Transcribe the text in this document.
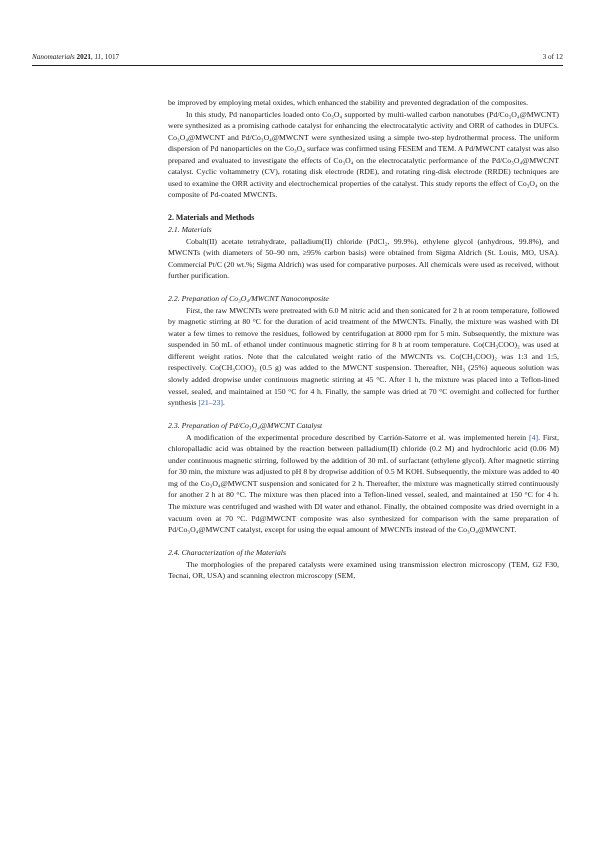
Nanomaterials 2021, 11, 1017	3 of 12

be improved by employing metal oxides, which enhanced the stability and prevented degradation of the composites.

In this study, Pd nanoparticles loaded onto Co₃O₄ supported by multi-walled carbon nanotubes (Pd/Co₃O₄@MWCNT) were synthesized as a promising cathode catalyst for enhancing the electrocatalytic activity and ORR of cathodes in DUFCs. Co₃O₄@MWCNT and Pd/Co₃O₄@MWCNT were synthesized using a simple two-step hydrothermal process. The uniform dispersion of Pd nanoparticles on the Co₃O₄ surface was confirmed using FESEM and TEM. A Pd/MWCNT catalyst was also prepared and evaluated to investigate the effects of Co₃O₄ on the electrocatalytic performance of the Pd/Co₃O₄@MWCNT catalyst. Cyclic voltammetry (CV), rotating disk electrode (RDE), and rotating ring-disk electrode (RRDE) techniques are used to examine the ORR activity and electrochemical properties of the catalyst. This study reports the effect of Co₃O₄ on the composite of Pd-coated MWCNTs.

2. Materials and Methods
2.1. Materials

Cobalt(II) acetate tetrahydrate, palladium(II) chloride (PdCl₂, 99.9%), ethylene glycol (anhydrous, 99.8%), and MWCNTs (with diameters of 50–90 nm, ≥95% carbon basis) were obtained from Sigma Aldrich (St. Louis, MO, USA). Commercial Pt/C (20 wt.%; Sigma Aldrich) was used for comparative purposes. All chemicals were used as received, without further purification.

2.2. Preparation of Co₃O₄/MWCNT Nanocomposite

First, the raw MWCNTs were pretreated with 6.0 M nitric acid and then sonicated for 2 h at room temperature, followed by magnetic stirring at 80 °C for the duration of acid treatment of the MWCNTs. Finally, the mixture was washed with DI water a few times to remove the residues, followed by centrifugation at 8000 rpm for 5 min. Subsequently, the mixture was suspended in 50 mL of ethanol under continuous magnetic stirring for 8 h at room temperature. Co(CH₃COO)₂ was used at different weight ratios. Note that the calculated weight ratio of the MWCNTs vs. Co(CH₃COO)₂ was 1:3 and 1:5, respectively. Co(CH₃COO)₂ (0.5 g) was added to the MWCNT suspension. Thereafter, NH₃ (25%) aqueous solution was slowly added dropwise under continuous magnetic stirring at 45 °C. After 1 h, the mixture was placed into a Teflon-lined vessel, sealed, and maintained at 150 °C for 4 h. Finally, the sample was dried at 70 °C overnight and collected for further synthesis [21–23].

2.3. Preparation of Pd/Co₃O₄@MWCNT Catalyst

A modification of the experimental procedure described by Carrión-Satorre et al. was implemented herein [4]. First, chloropalladic acid was obtained by the reaction between palladium(II) chloride (0.2 M) and hydrochloric acid (0.06 M) under continuous magnetic stirring, followed by the addition of 30 mL of surfactant (ethylene glycol). After magnetic stirring for 30 min, the mixture was adjusted to pH 8 by dropwise addition of 0.5 M KOH. Subsequently, the mixture was added to 40 mg of the Co₃O₄@MWCNT suspension and sonicated for 2 h. Thereafter, the mixture was magnetically stirred continuously for another 2 h at 80 °C. The mixture was then placed into a Teflon-lined vessel, sealed, and maintained at 150 °C for 4 h. The mixture was centrifuged and washed with DI water and ethanol. Finally, the obtained composite was dried overnight in a vacuum oven at 70 °C. Pd@MWCNT composite was also synthesized for comparison with the same preparation of Pd/Co₃O₄@MWCNT catalyst, except for using the equal amount of MWCNTs instead of the Co₃O₄@MWCNT.

2.4. Characterization of the Materials

The morphologies of the prepared catalysts were examined using transmission electron microscopy (TEM, G2 F30, Tecnai, OR, USA) and scanning electron microscopy (SEM,
